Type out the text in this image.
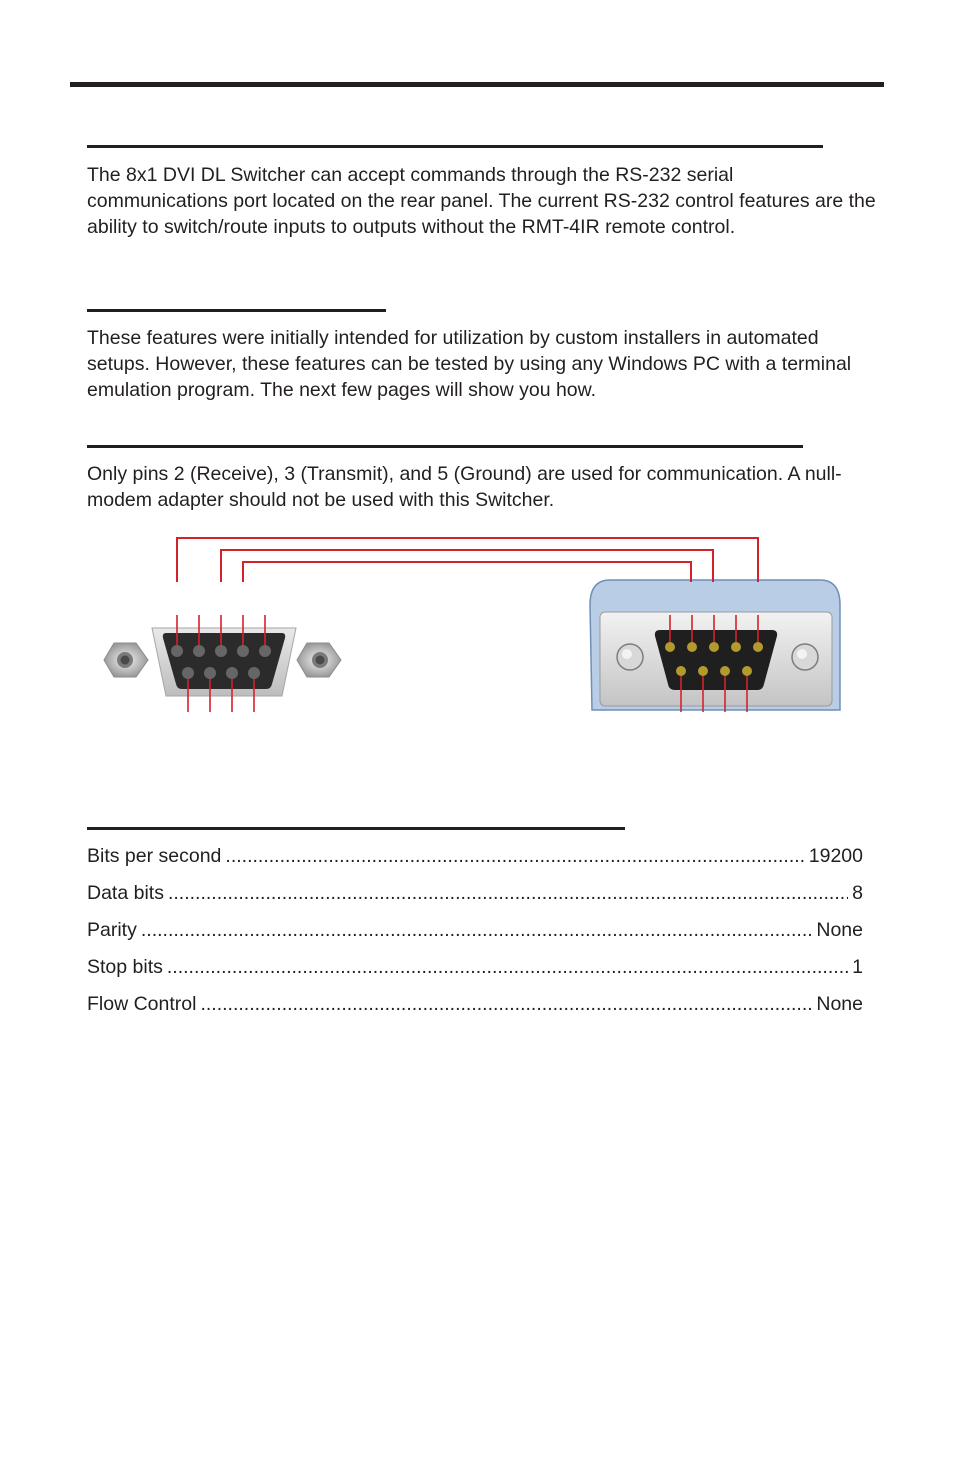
The 8x1 DVI DL Switcher can accept commands through the RS-232 serial communications port located on the rear panel. The current RS-232 control features are the ability to switch/route inputs to outputs without the RMT-4IR remote control.

These features were initially intended for utilization by custom installers in automated setups. However, these features can be tested by using any Windows PC with a terminal emulation program. The next few pages will show you how.

Only pins 2 (Receive), 3 (Transmit), and 5 (Ground) are used for communication. A null-modem adapter should not be used with this Switcher.

Bits per second .....	19200
Data bits .....	8
Parity .....	None
Stop bits .....	1
Flow Control .....	None
